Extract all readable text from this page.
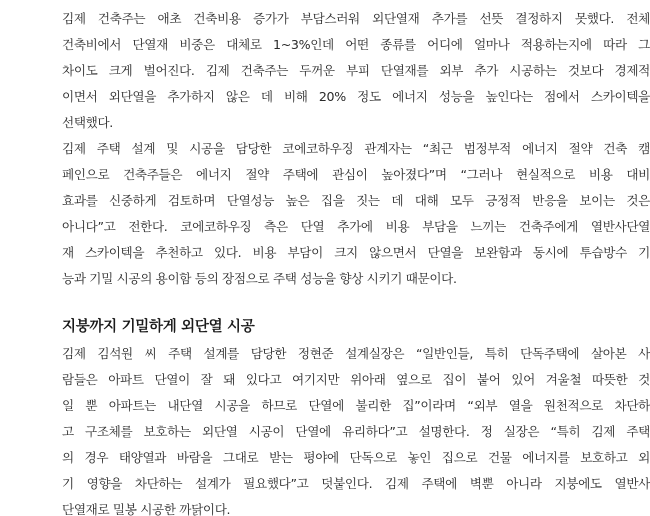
김제 건축주는 애초 건축비용 증가가 부담스러워 외단열재 추가를 선뜻 결정하지 못했다. 전체
건축비에서 단열재 비중은 대체로 1~3%인데 어떤 종류를 어디에 얼마나 적용하는지에 따라 그
차이도 크게 벌어진다. 김제 건축주는 두꺼운 부피 단열재를 외부 추가 시공하는 것보다 경제적
이면서 외단열을 추가하지 않은 데 비해 20% 정도 에너지 성능을 높인다는 점에서 스카이텍을
선택했다.

김제 주택 설계 및 시공을 담당한 코에코하우징 관계자는 “최근 범정부적 에너지 절약 건축 캠
페인으로 건축주들은 에너지 절약 주택에 관심이 높아졌다”며 “그러나 현실적으로 비용 대비
효과를 신중하게 검토하며 단열성능 높은 집을 짓는 데 대해 모두 긍정적 반응을 보이는 것은
아니다”고 전한다. 코에코하우징 측은 단열 추가에 비용 부담을 느끼는 건축주에게 열반사단열
재 스카이텍을 추천하고 있다. 비용 부담이 크지 않으면서 단열을 보완함과 동시에 투습방수 기
능과 기밀 시공의 용이함 등의 장점으로 주택 성능을 향상 시키기 때문이다.

지붕까지 기밀하게 외단열 시공

김제 김석원 씨 주택 설계를 담당한 정현준 설계실장은 “일반인들, 특히 단독주택에 살아본 사
람들은 아파트 단열이 잘 돼 있다고 여기지만 위아래 옆으로 집이 붙어 있어 겨울철 따뜻한 것
일 뿐 아파트는 내단열 시공을 하므로 단열에 불리한 집”이라며 “외부 열을 원천적으로 차단하
고 구조체를 보호하는 외단열 시공이 단열에 유리하다”고 설명한다. 정 실장은 “특히 김제 주택
의 경우 태양열과 바람을 그대로 받는 평야에 단독으로 놓인 집으로 건물 에너지를 보호하고 외
기 영향을 차단하는 설계가 필요했다”고 덧붙인다. 김제 주택에 벽뿐 아니라 지붕에도 열반사
단열재로 밀봉 시공한 까닭이다.
